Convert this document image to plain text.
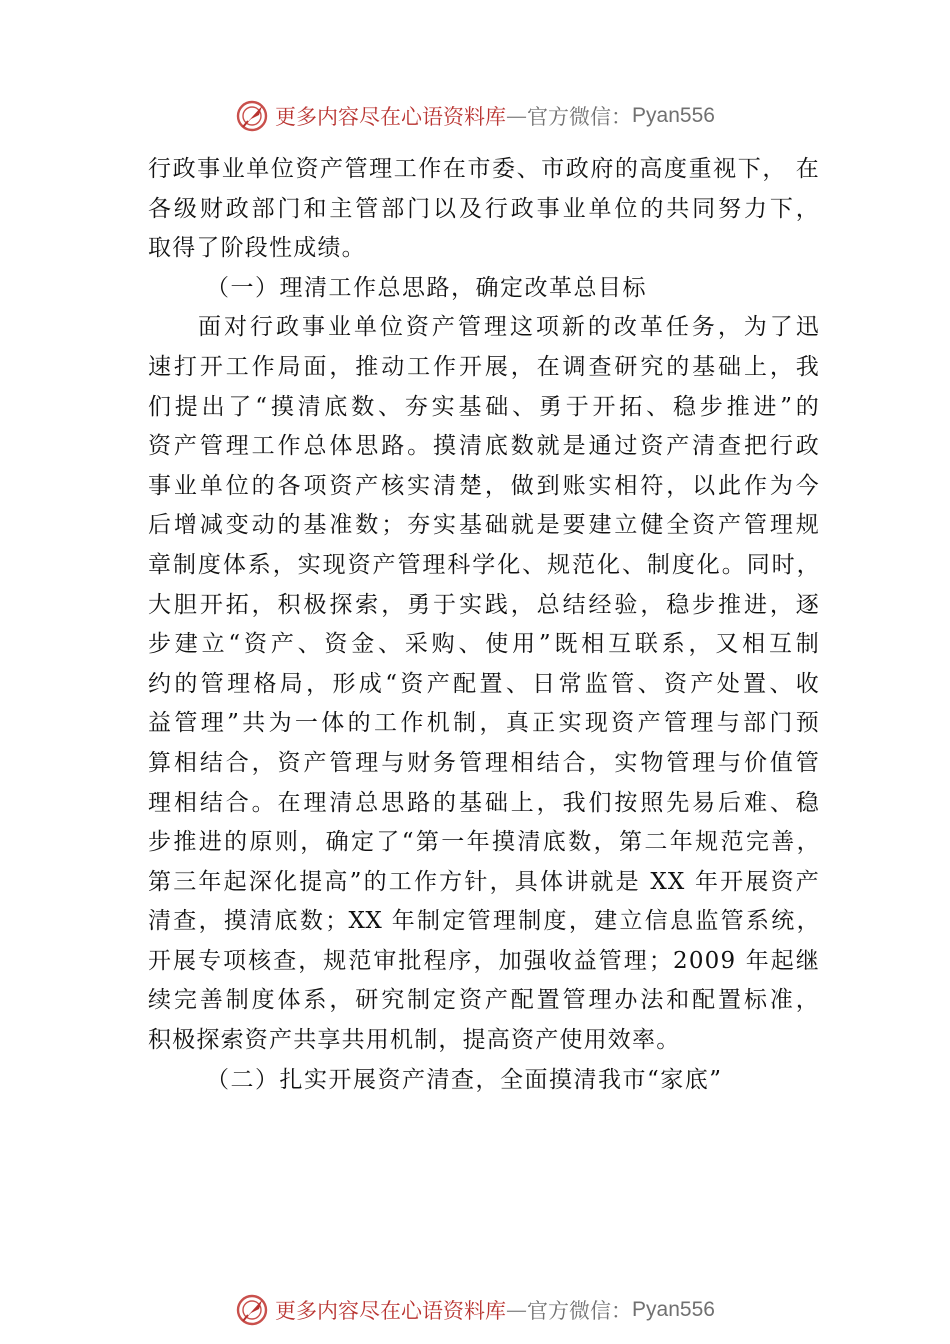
更多内容尽在心语资料库 — 官方微信： Pyan556
行政事业单位资产管理工作在市委、市政府的高度重视下， 在
各级财政部门和主管部门以及行政事业单位的共同努力下，
取得了阶段性成绩。
（一）理清工作总思路，确定改革总目标
面对行政事业单位资产管理这项新的改革任务，为了迅
速打开工作局面，推动工作开展，在调查研究的基础上，我
们提出了“摸清底数、夯实基础、勇于开拓、稳步推进”的
资产管理工作总体思路。摸清底数就是通过资产清查把行政
事业单位的各项资产核实清楚，做到账实相符，以此作为今
后增减变动的基准数；夯实基础就是要建立健全资产管理规
章制度体系，实现资产管理科学化、规范化、制度化。同时，
大胆开拓，积极探索，勇于实践，总结经验，稳步推进，逐
步建立“资产、资金、采购、使用”既相互联系，又相互制
约的管理格局，形成“资产配置、日常监管、资产处置、收
益管理”共为一体的工作机制，真正实现资产管理与部门预
算相结合，资产管理与财务管理相结合，实物管理与价值管
理相结合。在理清总思路的基础上，我们按照先易后难、稳
步推进的原则，确定了“第一年摸清底数，第二年规范完善，
第三年起深化提高”的工作方针，具体讲就是 XX 年开展资产
清查，摸清底数；XX 年制定管理制度，建立信息监管系统，
开展专项核查，规范审批程序，加强收益管理；2009 年起继
续完善制度体系，研究制定资产配置管理办法和配置标准，
积极探索资产共享共用机制，提高资产使用效率。
（二）扎实开展资产清查，全面摸清我市“家底”
更多内容尽在心语资料库 — 官方微信： Pyan556
